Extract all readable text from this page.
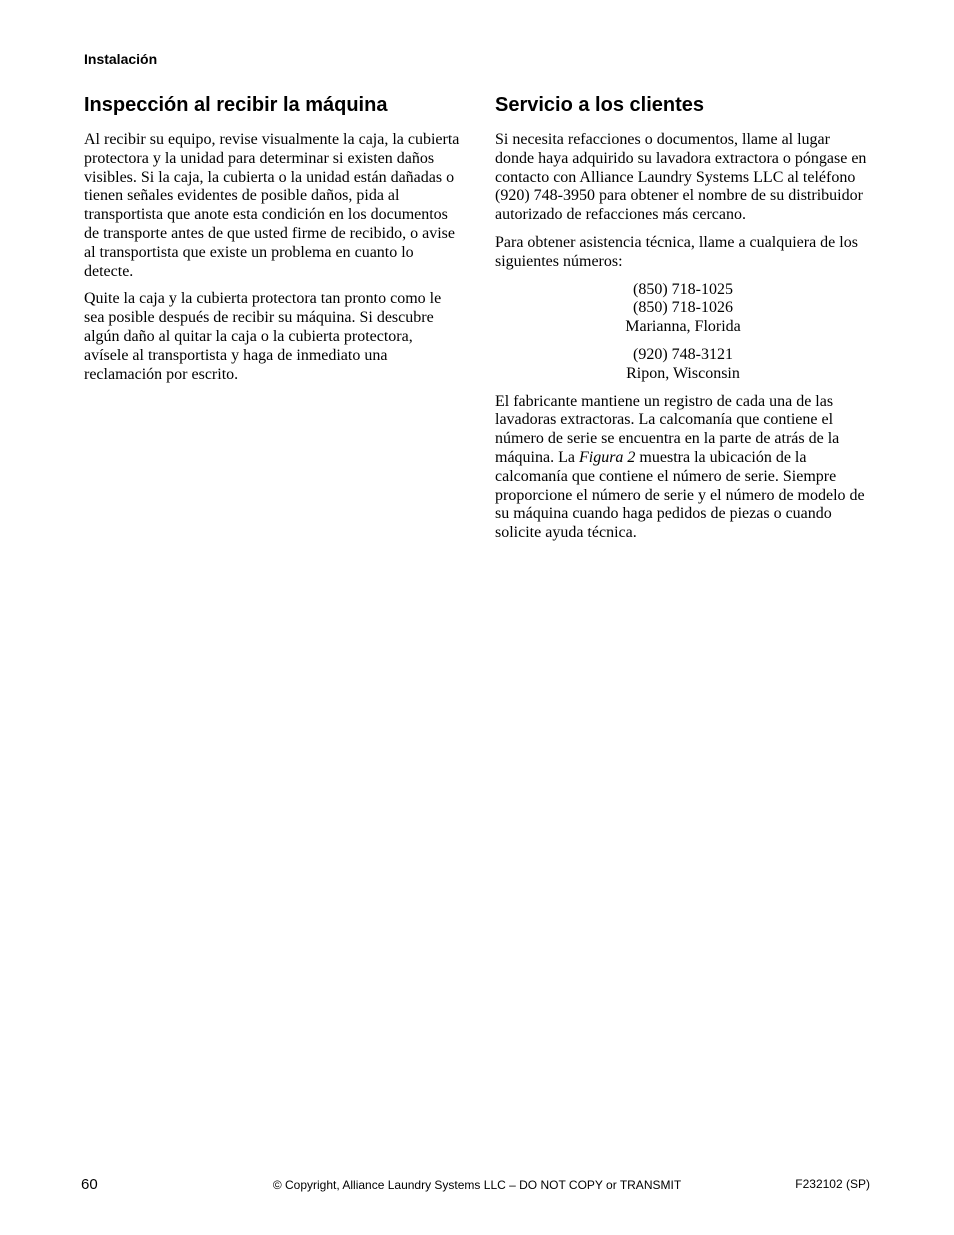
Instalación
Inspección al recibir la máquina

Al recibir su equipo, revise visualmente la caja, la cubierta protectora y la unidad para determinar si existen daños visibles. Si la caja, la cubierta o la unidad están dañadas o tienen señales evidentes de posible daños, pida al transportista que anote esta condición en los documentos de transporte antes de que usted firme de recibido, o avise al transportista que existe un problema en cuanto lo detecte.

Quite la caja y la cubierta protectora tan pronto como le sea posible después de recibir su máquina. Si descubre algún daño al quitar la caja o la cubierta protectora, avísele al transportista y haga de inmediato una reclamación por escrito.

Servicio a los clientes

Si necesita refacciones o documentos, llame al lugar donde haya adquirido su lavadora extractora o póngase en contacto con Alliance Laundry Systems LLC al teléfono (920) 748-3950 para obtener el nombre de su distribuidor autorizado de refacciones más cercano.

Para obtener asistencia técnica, llame a cualquiera de los siguientes números:

(850) 718-1025
(850) 718-1026
Marianna, Florida

(920) 748-3121
Ripon, Wisconsin

El fabricante mantiene un registro de cada una de las lavadoras extractoras. La calcomanía que contiene el número de serie se encuentra en la parte de atrás de la máquina. La Figura 2 muestra la ubicación de la calcomanía que contiene el número de serie. Siempre proporcione el número de serie y el número de modelo de su máquina cuando haga pedidos de piezas o cuando solicite ayuda técnica.

60	© Copyright, Alliance Laundry Systems LLC – DO NOT COPY or TRANSMIT	F232102 (SP)
